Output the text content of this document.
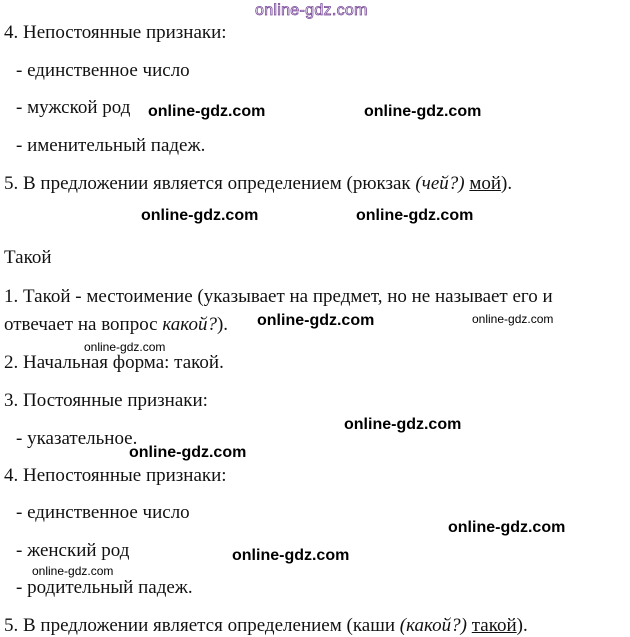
online-gdz.com
4. Непостоянные признаки:
- единственное число
- мужской род
- именительный падеж.
5. В предложении является определением (рюкзак (чей?) мой).
Такой
1. Такой - местоимение (указывает на предмет, но не называет его и
отвечает на вопрос какой?).
2. Начальная форма: такой.
3. Постоянные признаки:
- указательное.
4. Непостоянные признаки:
- единственное число
- женский род
- родительный падеж.
5. В предложении является определением (каши (какой?) такой).
online-gdz.com	online-gdz.com
online-gdz.com	online-gdz.com
online-gdz.com	online-gdz.com
online-gdz.com
online-gdz.com
online-gdz.com
online-gdz.com
online-gdz.com
online-gdz.com
